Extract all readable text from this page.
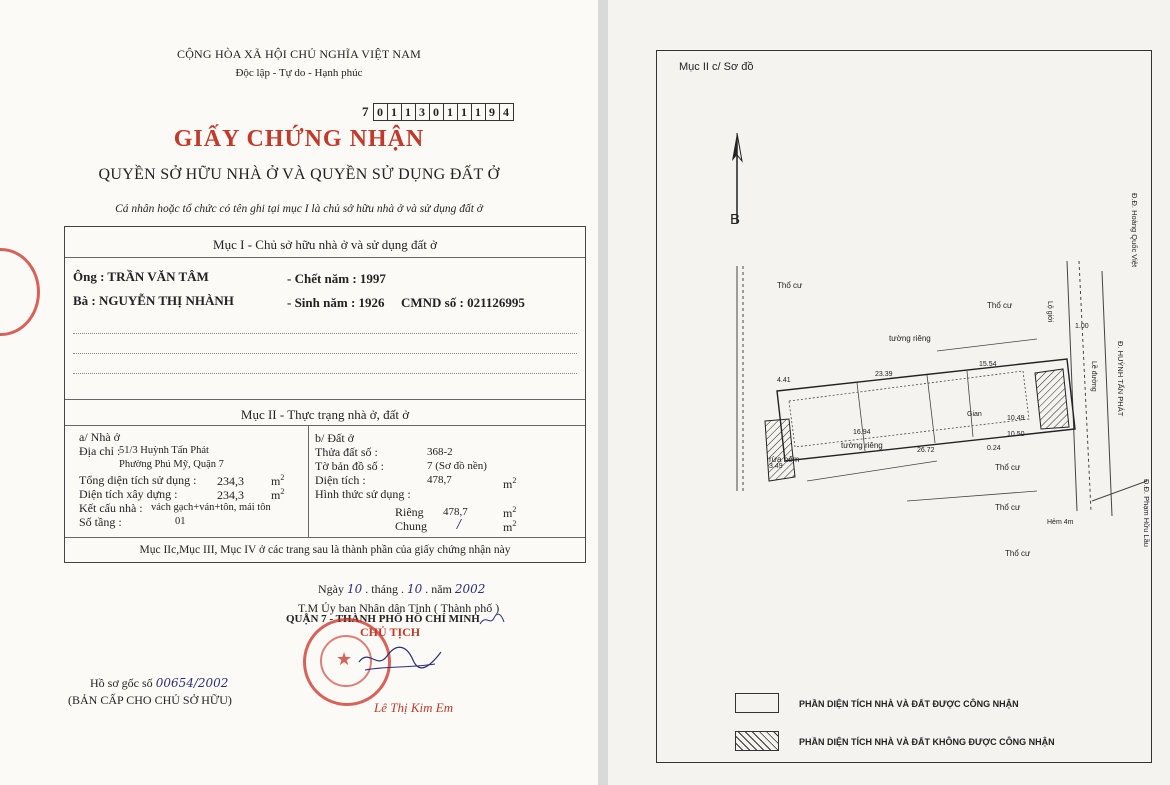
CỘNG HÒA XÃ HỘI CHỦ NGHĨA VIỆT NAM
Độc lập - Tự do - Hạnh phúc
7 0 1 1 3 0 1 1 1 9 4
GIẤY CHỨNG NHẬN
QUYỀN SỞ HỮU NHÀ Ở VÀ QUYỀN SỬ DỤNG ĐẤT Ở
Cá nhân hoặc tổ chức có tên ghi tại mục I là chủ sở hữu nhà ở và sử dụng đất ở
Mục I - Chủ sở hữu nhà ở và sử dụng đất ở
Ông : TRẦN VĂN TÂM	- Chết năm : 1997
Bà : NGUYỄN THỊ NHÀNH	- Sinh năm : 1926 CMND số : 021126995
Mục II - Thực trạng nhà ở, đất ở
a/ Nhà ở
Địa chỉ :
51/3 Huỳnh Tấn Phát
Phường Phú Mỹ, Quận 7
Tổng diện tích sử dụng : 234,3 $m^2$
Diện tích xây dựng :	234,3 $m^2$
Kết cấu nhà : vách gạch+ván+tôn, mái tôn
Số tầng :	01
b/ Đất ở
Thửa đất số :	368-2
Tờ bản đồ số :	7 (Sơ đồ nền)
Diện tích :	478,7	$m^2$
Hình thức sử dụng :
Riêng 478,7	$m^2$
Chung /	$m^2$
Mục IIc,Mục III, Mục IV ở các trang sau là thành phần của giấy chứng nhận này
Ngày 10 . tháng . 10 . năm 2002
T.M Ủy ban Nhân dân Tỉnh ( Thành phố )
QUẬN 7 - THÀNH PHỐ HỒ CHÍ MINH
★
CHỦ TỊCH
Lê Thị Kim Em
Hồ sơ gốc số 00654/2002
(BẢN CẤP CHO CHỦ SỞ HỮU)
Mục II c/ Sơ đồ
B
Thổ cư
tường riêng
rừa hẻm
tường riêng
Thổ cư
Thổ cư
Thổ cư
Thổ cư
Hẻm 4m
Lộ giới
Lề đường
Gian
23.39
16.94
26.72
10.50
10.49
15.54
3.49
1.00
0.24
4.41
Đ.Đ. Hoàng Quốc Việt
Đ. HUỲNH TẤN PHÁT
Đ.Đ. Phạm Hữu Lầu
PHẦN DIỆN TÍCH NHÀ VÀ ĐẤT ĐƯỢC CÔNG NHẬN
PHẦN DIỆN TÍCH NHÀ VÀ ĐẤT KHÔNG ĐƯỢC CÔNG NHẬN
